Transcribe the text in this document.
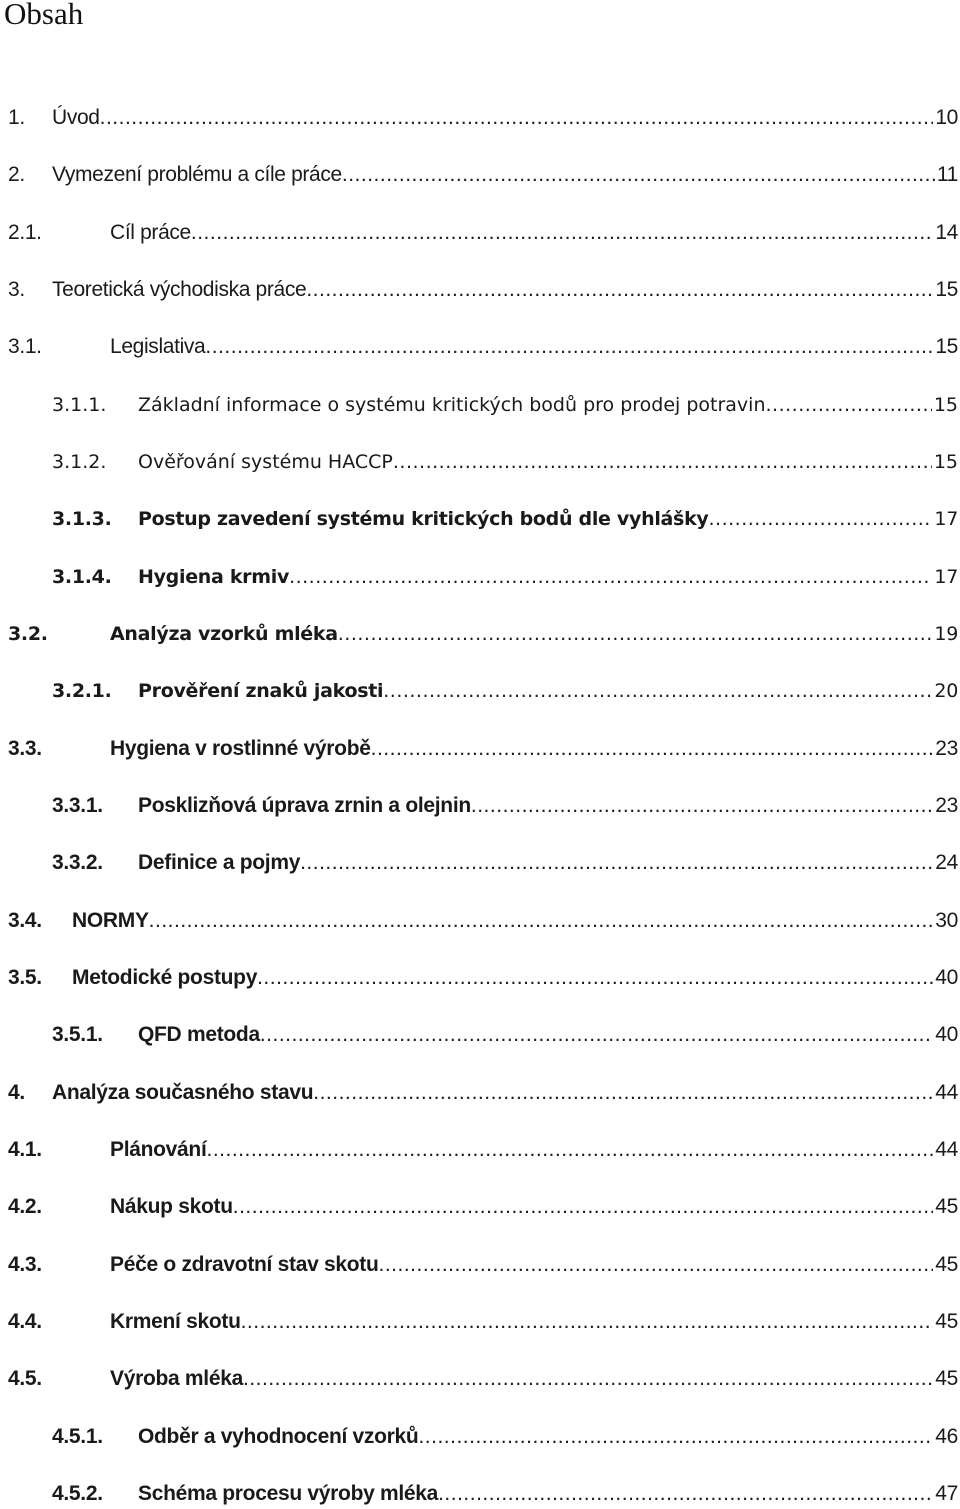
Obsah
1.	Úvod .....	10
2.	Vymezení problému a cíle práce .....	11
2.1.	Cíl práce .....	14
3.	Teoretická východiska práce .....	15
3.1.	Legislativa .....	15
3.1.1.	Základní informace o systému kritických bodů pro prodej potravin .....	15
3.1.2.	Ověřování systému HACCP .....	15
3.1.3.	Postup zavedení systému kritických bodů dle vyhlášky .....	17
3.1.4.	Hygiena krmiv .....	17
3.2.	Analýza vzorků mléka .....	19
3.2.1.	Prověření znaků jakosti .....	20
3.3.	Hygiena v rostlinné výrobě .....	23
3.3.1.	Posklizňová úprava zrnin a olejnin .....	23
3.3.2.	Definice a pojmy .....	24
3.4.	NORMY .....	30
3.5.	Metodické postupy .....	40
3.5.1.	QFD metoda .....	40
4.	Analýza současného stavu .....	44
4.1.	Plánování .....	44
4.2.	Nákup skotu .....	45
4.3.	Péče o zdravotní stav skotu .....	45
4.4.	Krmení skotu .....	45
4.5.	Výroba mléka .....	45
4.5.1.	Odběr a vyhodnocení vzorků .....	46
4.5.2.	Schéma procesu výroby mléka .....	47
